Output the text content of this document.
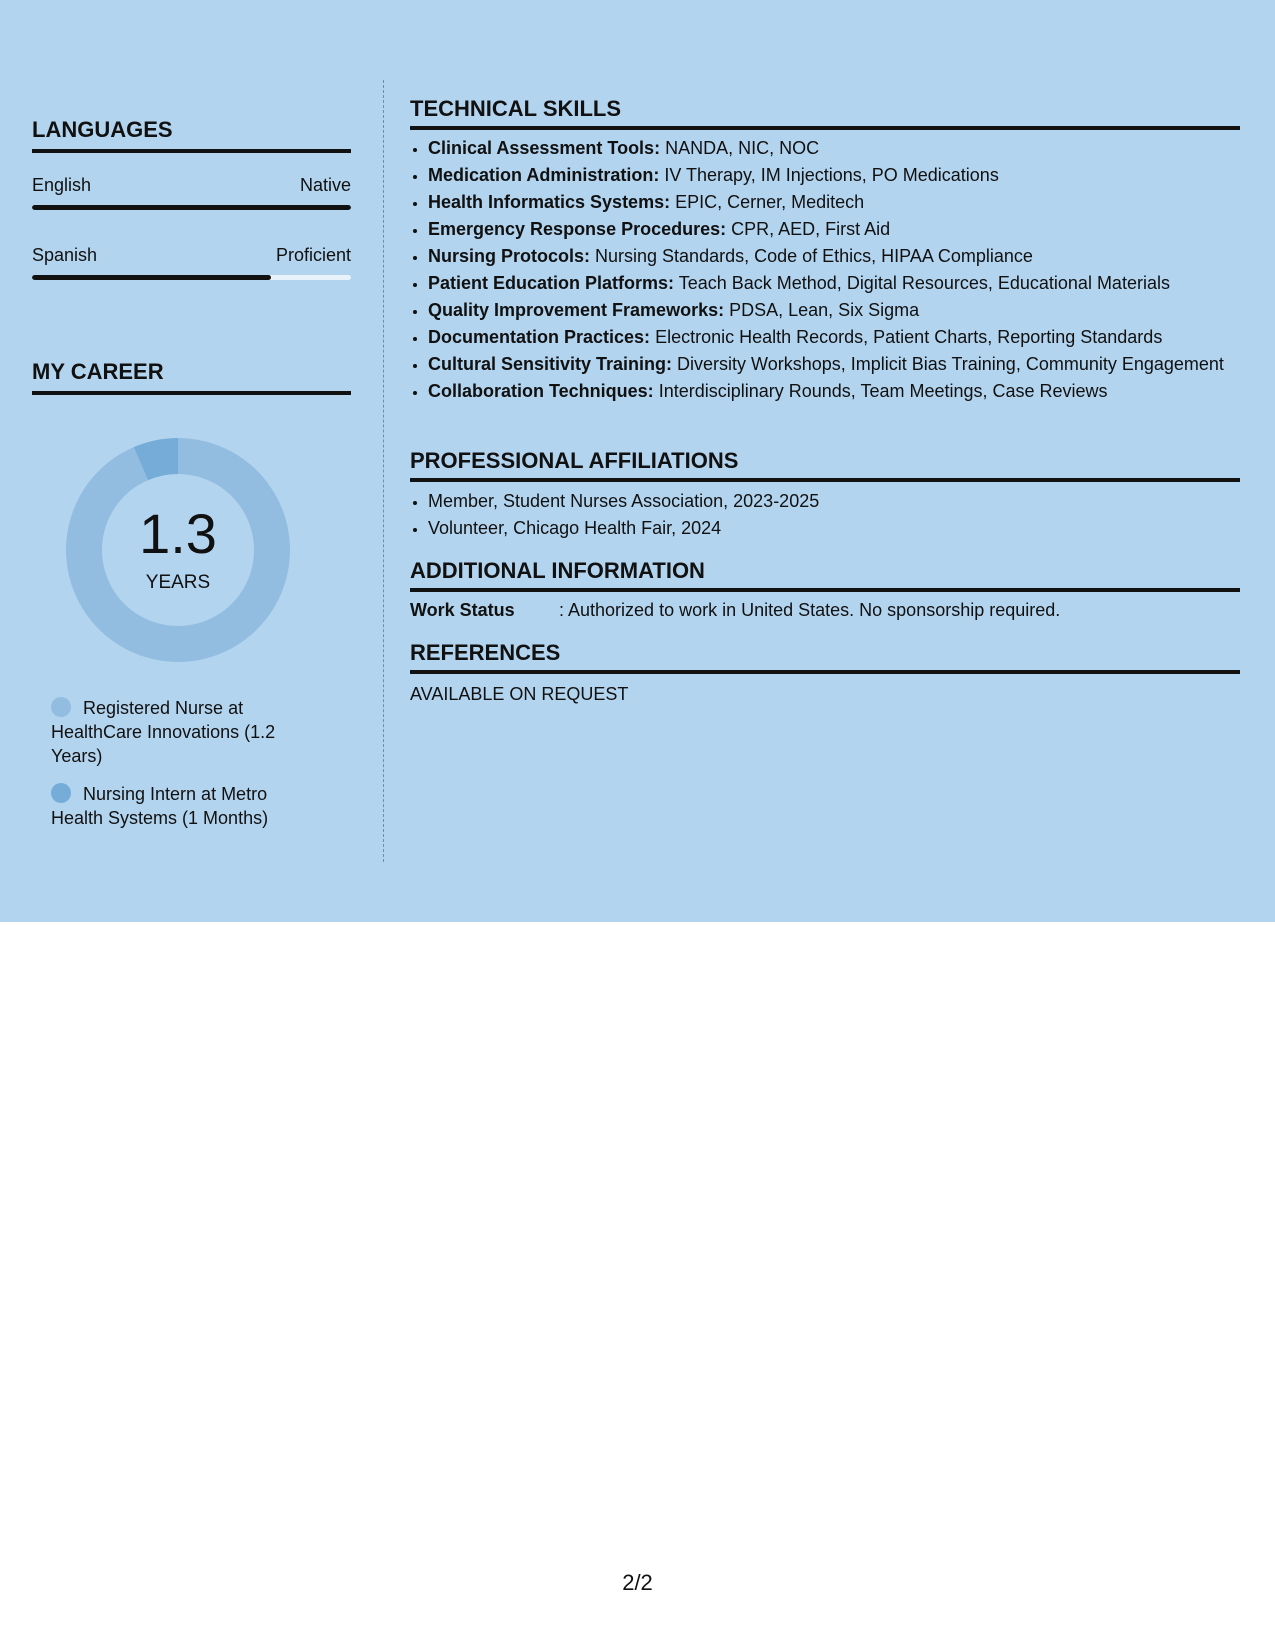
LANGUAGES
English	Native
Spanish	Proficient
MY CAREER
1.3
YEARS
Registered Nurse at HealthCare Innovations (1.2 Years)
Nursing Intern at Metro Health Systems (1 Months)
TECHNICAL SKILLS
• Clinical Assessment Tools: NANDA, NIC, NOC
• Medication Administration: IV Therapy, IM Injections, PO Medications
• Health Informatics Systems: EPIC, Cerner, Meditech
• Emergency Response Procedures: CPR, AED, First Aid
• Nursing Protocols: Nursing Standards, Code of Ethics, HIPAA Compliance
• Patient Education Platforms: Teach Back Method, Digital Resources, Educational Materials
• Quality Improvement Frameworks: PDSA, Lean, Six Sigma
• Documentation Practices: Electronic Health Records, Patient Charts, Reporting Standards
• Cultural Sensitivity Training: Diversity Workshops, Implicit Bias Training, Community Engagement
• Collaboration Techniques: Interdisciplinary Rounds, Team Meetings, Case Reviews
PROFESSIONAL AFFILIATIONS
• Member, Student Nurses Association, 2023-2025
• Volunteer, Chicago Health Fair, 2024
ADDITIONAL INFORMATION
Work Status	: Authorized to work in United States. No sponsorship required.
REFERENCES
AVAILABLE ON REQUEST
2/2
